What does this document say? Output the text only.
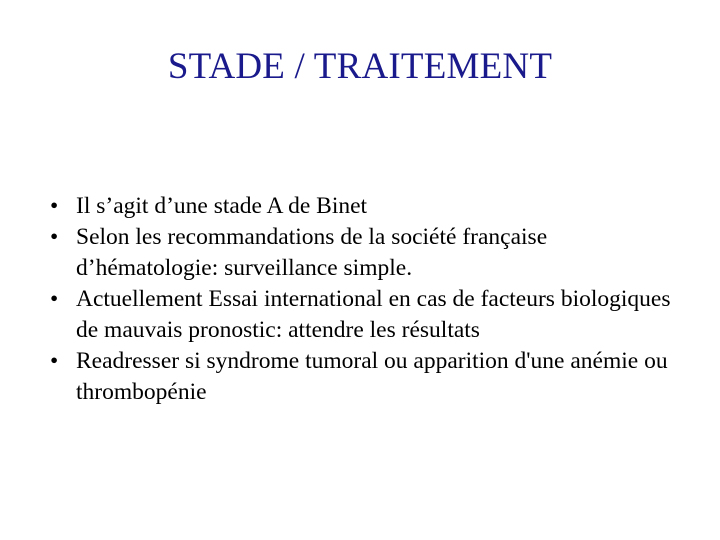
STADE / TRAITEMENT
• Il s’agit d’une stade A de Binet
• Selon les recommandations de la société française d’hématologie: surveillance simple.
• Actuellement Essai international en cas de facteurs biologiques de mauvais pronostic: attendre les résultats
• Readresser si syndrome tumoral ou apparition d'une anémie ou thrombopénie
